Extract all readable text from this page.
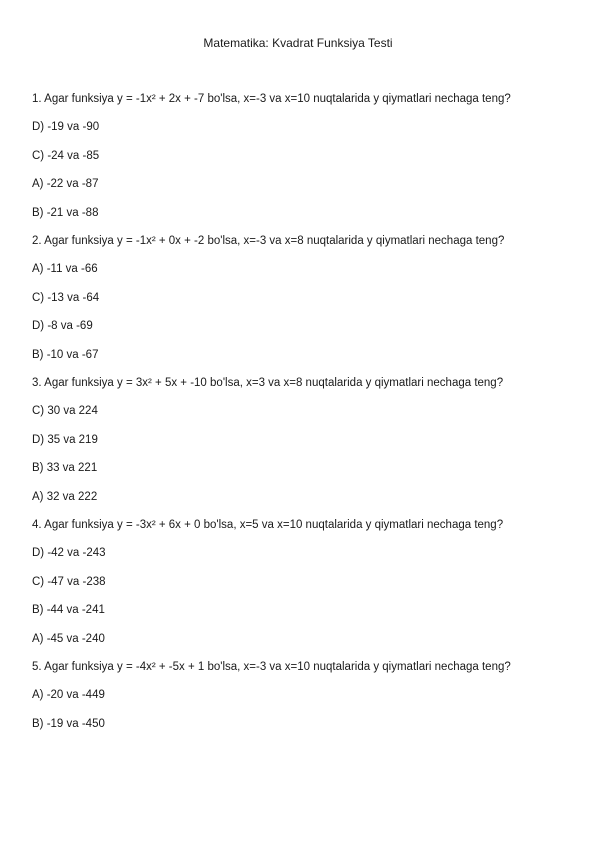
Matematika: Kvadrat Funksiya Testi
1. Agar funksiya y = -1x² + 2x + -7 bo'lsa, x=-3 va x=10 nuqtalarida y qiymatlari nechaga teng?
D) -19 va -90
C) -24 va -85
A) -22 va -87
B) -21 va -88
2. Agar funksiya y = -1x² + 0x + -2 bo'lsa, x=-3 va x=8 nuqtalarida y qiymatlari nechaga teng?
A) -11 va -66
C) -13 va -64
D) -8 va -69
B) -10 va -67
3. Agar funksiya y = 3x² + 5x + -10 bo'lsa, x=3 va x=8 nuqtalarida y qiymatlari nechaga teng?
C) 30 va 224
D) 35 va 219
B) 33 va 221
A) 32 va 222
4. Agar funksiya y = -3x² + 6x + 0 bo'lsa, x=5 va x=10 nuqtalarida y qiymatlari nechaga teng?
D) -42 va -243
C) -47 va -238
B) -44 va -241
A) -45 va -240
5. Agar funksiya y = -4x² + -5x + 1 bo'lsa, x=-3 va x=10 nuqtalarida y qiymatlari nechaga teng?
A) -20 va -449
B) -19 va -450
